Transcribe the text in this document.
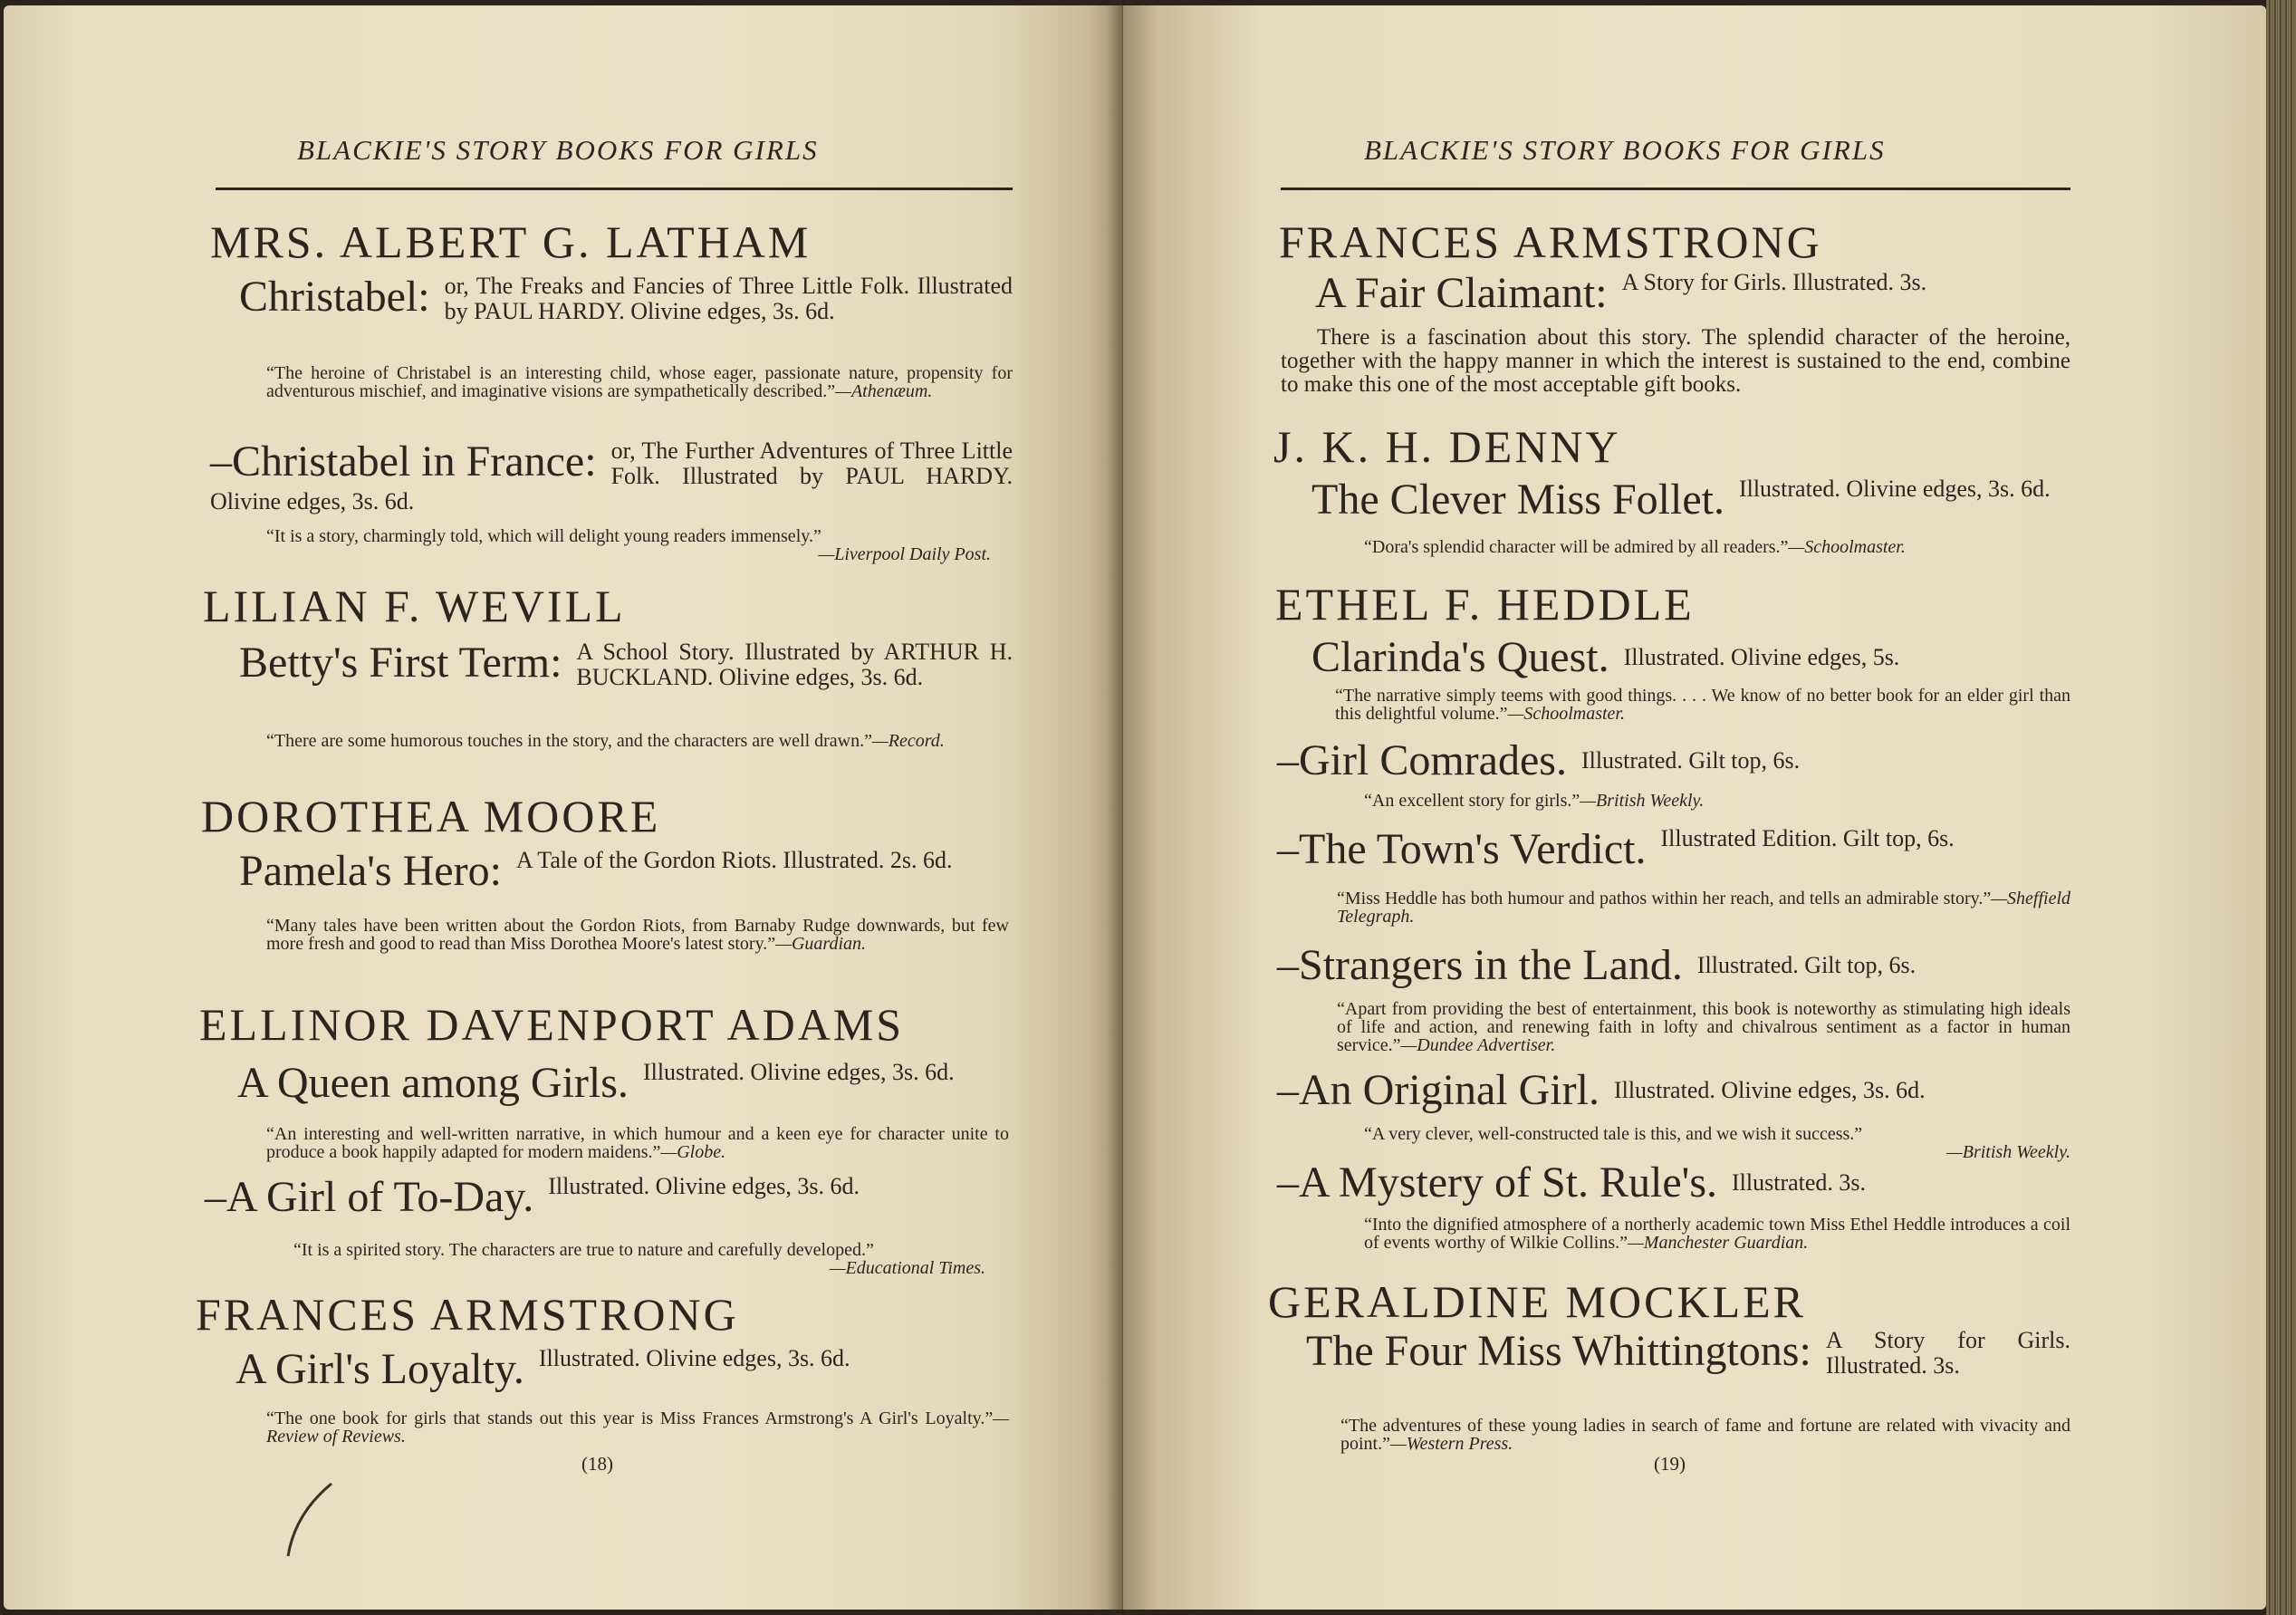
BLACKIE'S STORY BOOKS FOR GIRLS
MRS. ALBERT G. LATHAM
Christabel: or, The Freaks and Fancies of Three Little Folk. Illustrated by PAUL HARDY. Olivine edges, 3s. 6d.
“The heroine of Christabel is an interesting child, whose eager, passionate nature, propensity for adventurous mischief, and imaginative visions are sympathetically described.”—Athenæum.
–Christabel in France: or, The Further Adventures of Three Little Folk. Illustrated by PAUL HARDY. Olivine edges, 3s. 6d.
“It is a story, charmingly told, which will delight young readers immensely.”
—Liverpool Daily Post.
LILIAN F. WEVILL
Betty's First Term: A School Story. Illustrated by ARTHUR H. BUCKLAND. Olivine edges, 3s. 6d.
“There are some humorous touches in the story, and the characters are well drawn.”—Record.
DOROTHEA MOORE
Pamela's Hero: A Tale of the Gordon Riots. Illustrated. 2s. 6d.
“Many tales have been written about the Gordon Riots, from Barnaby Rudge downwards, but few more fresh and good to read than Miss Dorothea Moore's latest story.”—Guardian.
ELLINOR DAVENPORT ADAMS
A Queen among Girls. Illustrated. Olivine edges, 3s. 6d.
“An interesting and well-written narrative, in which humour and a keen eye for character unite to produce a book happily adapted for modern maidens.”—Globe.
–A Girl of To-Day. Illustrated. Olivine edges, 3s. 6d.
“It is a spirited story. The characters are true to nature and carefully developed.”
—Educational Times.
FRANCES ARMSTRONG
A Girl's Loyalty. Illustrated. Olivine edges, 3s. 6d.
“The one book for girls that stands out this year is Miss Frances Armstrong's A Girl's Loyalty.”—Review of Reviews.
(18)
BLACKIE'S STORY BOOKS FOR GIRLS
FRANCES ARMSTRONG
A Fair Claimant: A Story for Girls. Illustrated. 3s.
There is a fascination about this story. The splendid character of the heroine, together with the happy manner in which the interest is sustained to the end, combine to make this one of the most acceptable gift books.
J. K. H. DENNY
The Clever Miss Follet. Illustrated. Olivine edges, 3s. 6d.
“Dora's splendid character will be admired by all readers.”—Schoolmaster.
ETHEL F. HEDDLE
Clarinda's Quest. Illustrated. Olivine edges, 5s.
“The narrative simply teems with good things. . . . We know of no better book for an elder girl than this delightful volume.”—Schoolmaster.
–Girl Comrades. Illustrated. Gilt top, 6s.
“An excellent story for girls.”—British Weekly.
–The Town's Verdict. Illustrated Edition. Gilt top, 6s.
“Miss Heddle has both humour and pathos within her reach, and tells an admirable story.”—Sheffield Telegraph.
–Strangers in the Land. Illustrated. Gilt top, 6s.
“Apart from providing the best of entertainment, this book is noteworthy as stimulating high ideals of life and action, and renewing faith in lofty and chivalrous sentiment as a factor in human service.”—Dundee Advertiser.
–An Original Girl. Illustrated. Olivine edges, 3s. 6d.
“A very clever, well-constructed tale is this, and we wish it success.”
—British Weekly.
–A Mystery of St. Rule's. Illustrated. 3s.
“Into the dignified atmosphere of a northerly academic town Miss Ethel Heddle introduces a coil of events worthy of Wilkie Collins.”—Manchester Guardian.
GERALDINE MOCKLER
The Four Miss Whittingtons: A Story for Girls. Illustrated. 3s.
“The adventures of these young ladies in search of fame and fortune are related with vivacity and point.”—Western Press.
(19)
